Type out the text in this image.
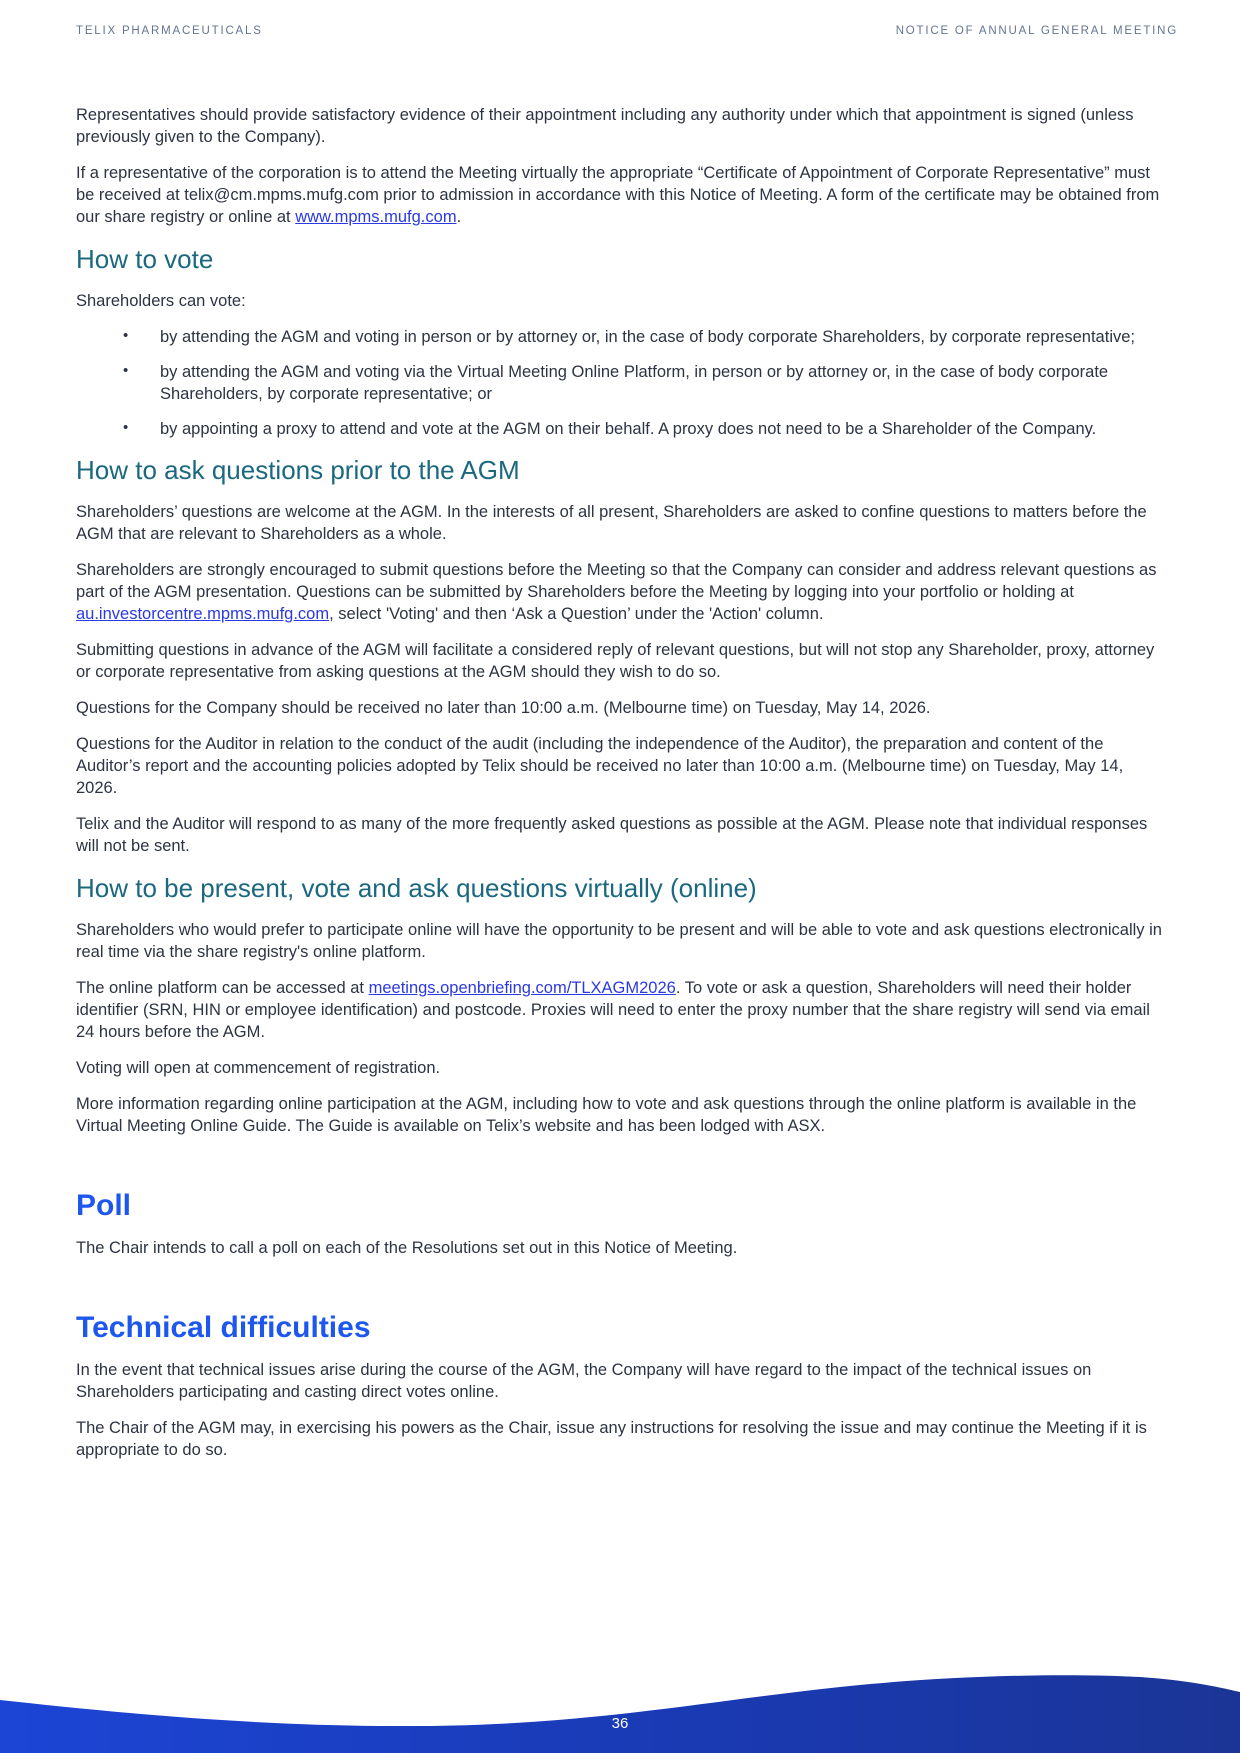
TELIX PHARMACEUTICALS	NOTICE OF ANNUAL GENERAL MEETING

Representatives should provide satisfactory evidence of their appointment including any authority under which that appointment is signed (unless previously given to the Company).

If a representative of the corporation is to attend the Meeting virtually the appropriate “Certificate of Appointment of Corporate Representative” must be received at telix@cm.mpms.mufg.com prior to admission in accordance with this Notice of Meeting. A form of the certificate may be obtained from our share registry or online at www.mpms.mufg.com.

How to vote

Shareholders can vote:

• by attending the AGM and voting in person or by attorney or, in the case of body corporate Shareholders, by corporate representative;
• by attending the AGM and voting via the Virtual Meeting Online Platform, in person or by attorney or, in the case of body corporate Shareholders, by corporate representative; or
• by appointing a proxy to attend and vote at the AGM on their behalf. A proxy does not need to be a Shareholder of the Company.
How to ask questions prior to the AGM

Shareholders’ questions are welcome at the AGM. In the interests of all present, Shareholders are asked to confine questions to matters before the AGM that are relevant to Shareholders as a whole.

Shareholders are strongly encouraged to submit questions before the Meeting so that the Company can consider and address relevant questions as part of the AGM presentation. Questions can be submitted by Shareholders before the Meeting by logging into your portfolio or holding at au.investorcentre.mpms.mufg.com, select 'Voting' and then ‘Ask a Question’ under the 'Action' column.

Submitting questions in advance of the AGM will facilitate a considered reply of relevant questions, but will not stop any Shareholder, proxy, attorney or corporate representative from asking questions at the AGM should they wish to do so.

Questions for the Company should be received no later than 10:00 a.m. (Melbourne time) on Tuesday, May 14, 2026.

Questions for the Auditor in relation to the conduct of the audit (including the independence of the Auditor), the preparation and content of the Auditor’s report and the accounting policies adopted by Telix should be received no later than 10:00 a.m. (Melbourne time) on Tuesday, May 14, 2026.

Telix and the Auditor will respond to as many of the more frequently asked questions as possible at the AGM. Please note that individual responses will not be sent.

How to be present, vote and ask questions virtually (online)

Shareholders who would prefer to participate online will have the opportunity to be present and will be able to vote and ask questions electronically in real time via the share registry's online platform.

The online platform can be accessed at meetings.openbriefing.com/TLXAGM2026. To vote or ask a question, Shareholders will need their holder identifier (SRN, HIN or employee identification) and postcode. Proxies will need to enter the proxy number that the share registry will send via email 24 hours before the AGM.

Voting will open at commencement of registration.

More information regarding online participation at the AGM, including how to vote and ask questions through the online platform is available in the Virtual Meeting Online Guide. The Guide is available on Telix’s website and has been lodged with ASX.

Poll

The Chair intends to call a poll on each of the Resolutions set out in this Notice of Meeting.

Technical difficulties

In the event that technical issues arise during the course of the AGM, the Company will have regard to the impact of the technical issues on Shareholders participating and casting direct votes online.

The Chair of the AGM may, in exercising his powers as the Chair, issue any instructions for resolving the issue and may continue the Meeting if it is appropriate to do so.

36
